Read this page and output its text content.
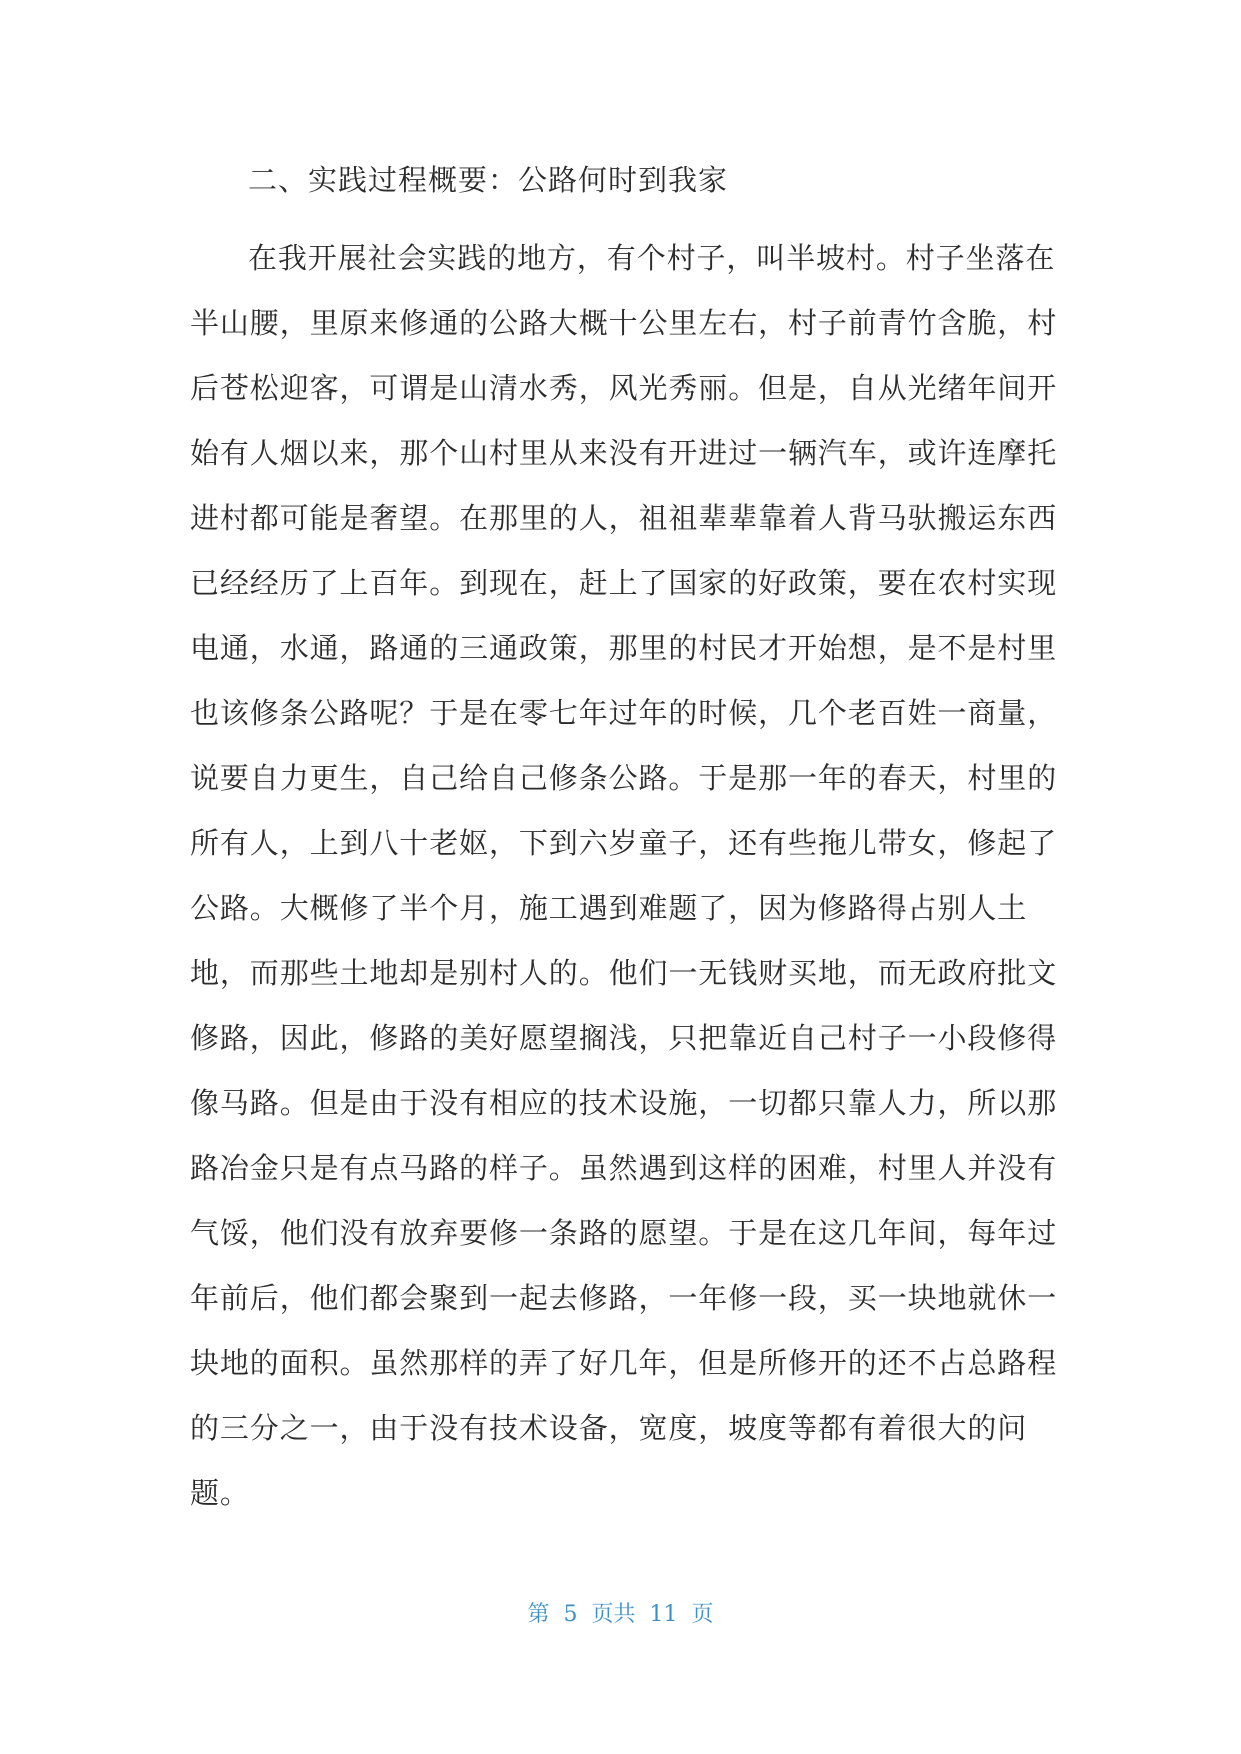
二、实践过程概要：公路何时到我家
在我开展社会实践的地方，有个村子，叫半坡村。村子坐落在
半山腰，里原来修通的公路大概十公里左右，村子前青竹含脆，村
后苍松迎客，可谓是山清水秀，风光秀丽。但是，自从光绪年间开
始有人烟以来，那个山村里从来没有开进过一辆汽车，或许连摩托
进村都可能是奢望。在那里的人，祖祖辈辈靠着人背马驮搬运东西
已经经历了上百年。到现在，赶上了国家的好政策，要在农村实现
电通，水通，路通的三通政策，那里的村民才开始想，是不是村里
也该修条公路呢？于是在零七年过年的时候，几个老百姓一商量，
说要自力更生，自己给自己修条公路。于是那一年的春天，村里的
所有人，上到八十老妪，下到六岁童子，还有些拖儿带女，修起了
公路。大概修了半个月，施工遇到难题了，因为修路得占别人土
地，而那些土地却是别村人的。他们一无钱财买地，而无政府批文
修路，因此，修路的美好愿望搁浅，只把靠近自己村子一小段修得
像马路。但是由于没有相应的技术设施，一切都只靠人力，所以那
路冶金只是有点马路的样子。虽然遇到这样的困难，村里人并没有
气馁，他们没有放弃要修一条路的愿望。于是在这几年间，每年过
年前后，他们都会聚到一起去修路，一年修一段，买一块地就休一
块地的面积。虽然那样的弄了好几年，但是所修开的还不占总路程
的三分之一，由于没有技术设备，宽度，坡度等都有着很大的问
题。
第  5  页共  11  页
